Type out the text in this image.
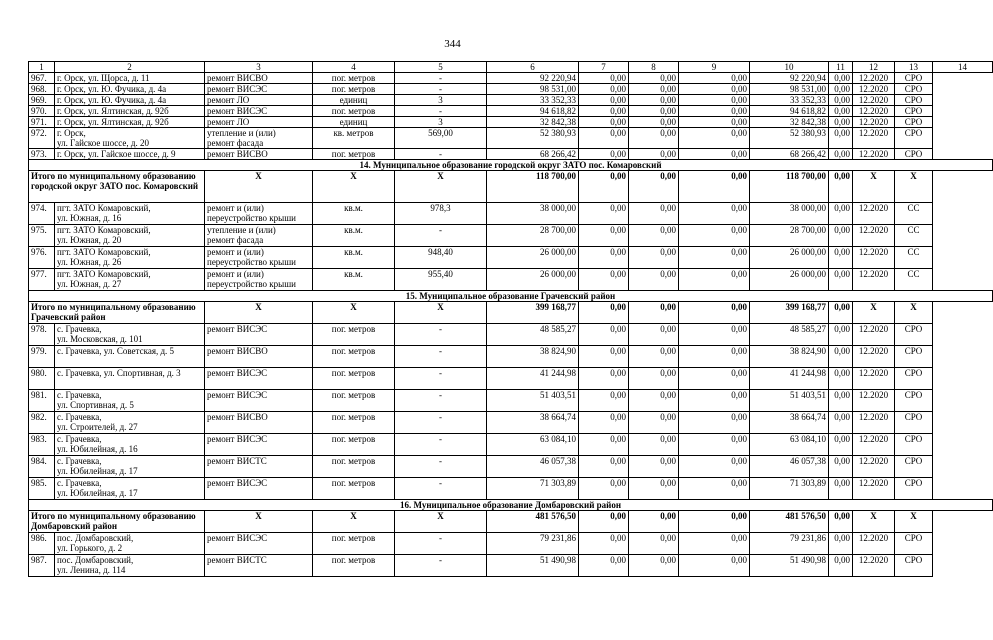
344
1	2	3	4	5	6	7	8	9	10	11	12	13	14
967.	г. Орск, ул. Щорса, д. 11	ремонт ВИСВО	пог. метров	-	92 220,94	0,00	0,00	0,00	92 220,94	0,00	12.2020	СРО	
968.	г. Орск, ул. Ю. Фучика, д. 4а	ремонт ВИСЭС	пог. метров	-	98 531,00	0,00	0,00	0,00	98 531,00	0,00	12.2020	СРО	
969.	г. Орск, ул. Ю. Фучика, д. 4а	ремонт ЛО	единиц	3	33 352,33	0,00	0,00	0,00	33 352,33	0,00	12.2020	СРО	
970.	г. Орск, ул. Ялтинская, д. 92б	ремонт ВИСЭС	пог. метров	-	94 618,82	0,00	0,00	0,00	94 618,82	0,00	12.2020	СРО	
971.	г. Орск, ул. Ялтинская, д. 92б	ремонт ЛО	единиц	3	32 842,38	0,00	0,00	0,00	32 842,38	0,00	12.2020	СРО	
972.	г. Орск,
ул. Гайское шоссе, д. 20	утепление и (или)
ремонт фасада	кв. метров	569,00	52 380,93	0,00	0,00	0,00	52 380,93	0,00	12.2020	СРО	
973.	г. Орск, ул. Гайское шоссе, д. 9	ремонт ВИСВО	пог. метров	-	68 266,42	0,00	0,00	0,00	68 266,42	0,00	12.2020	СРО	
14. Муниципальное образование городской округ ЗАТО пос. Комаровский													
Итого по муниципальному образованию городской округ ЗАТО пос. Комаровский		X	X	X	118 700,00	0,00	0,00	0,00	118 700,00	0,00	X	X	
974.	пгт. ЗАТО Комаровский,
ул. Южная, д. 16	ремонт и (или)
переустройство крыши	кв.м.	978,3	38 000,00	0,00	0,00	0,00	38 000,00	0,00	12.2020	СС	
975.	пгт. ЗАТО Комаровский,
ул. Южная, д. 20	утепление и (или)
ремонт фасада	кв.м.	-	28 700,00	0,00	0,00	0,00	28 700,00	0,00	12.2020	СС	
976.	пгт. ЗАТО Комаровский,
ул. Южная, д. 26	ремонт и (или)
переустройство крыши	кв.м.	948,40	26 000,00	0,00	0,00	0,00	26 000,00	0,00	12.2020	СС	
977.	пгт. ЗАТО Комаровский,
ул. Южная, д. 27	ремонт и (или)
переустройство крыши	кв.м.	955,40	26 000,00	0,00	0,00	0,00	26 000,00	0,00	12.2020	СС	
15. Муниципальное образование Грачевский район													
Итого по муниципальному образованию Грачевский район		X	X	X	399 168,77	0,00	0,00	0,00	399 168,77	0,00	X	X	
978.	с. Грачевка,
ул. Московская, д. 101	ремонт ВИСЭС	пог. метров	-	48 585,27	0,00	0,00	0,00	48 585,27	0,00	12.2020	СРО	
979.	с. Грачевка, ул. Советская, д. 5	ремонт ВИСВО	пог. метров	-	38 824,90	0,00	0,00	0,00	38 824,90	0,00	12.2020	СРО	
980.	с. Грачевка, ул. Спортивная, д. 3	ремонт ВИСЭС	пог. метров	-	41 244,98	0,00	0,00	0,00	41 244,98	0,00	12.2020	СРО	
981.	с. Грачевка,
ул. Спортивная, д. 5	ремонт ВИСЭС	пог. метров	-	51 403,51	0,00	0,00	0,00	51 403,51	0,00	12.2020	СРО	
982.	с. Грачевка,
ул. Строителей, д. 27	ремонт ВИСВО	пог. метров	-	38 664,74	0,00	0,00	0,00	38 664,74	0,00	12.2020	СРО	
983.	с. Грачевка,
ул. Юбилейная, д. 16	ремонт ВИСЭС	пог. метров	-	63 084,10	0,00	0,00	0,00	63 084,10	0,00	12.2020	СРО	
984.	с. Грачевка,
ул. Юбилейная, д. 17	ремонт ВИСТС	пог. метров	-	46 057,38	0,00	0,00	0,00	46 057,38	0,00	12.2020	СРО	
985.	с. Грачевка,
ул. Юбилейная, д. 17	ремонт ВИСЭС	пог. метров	-	71 303,89	0,00	0,00	0,00	71 303,89	0,00	12.2020	СРО	
16. Муниципальное образование Домбаровский район													
Итого по муниципальному образованию Домбаровский район		X	X	X	481 576,50	0,00	0,00	0,00	481 576,50	0,00	X	X	
986.	пос. Домбаровский,
ул. Горького, д. 2	ремонт ВИСЭС	пог. метров	-	79 231,86	0,00	0,00	0,00	79 231,86	0,00	12.2020	СРО	
987.	пос. Домбаровский,
ул. Ленина, д. 114	ремонт ВИСТС	пог. метров	-	51 490,98	0,00	0,00	0,00	51 490,98	0,00	12.2020	СРО	
